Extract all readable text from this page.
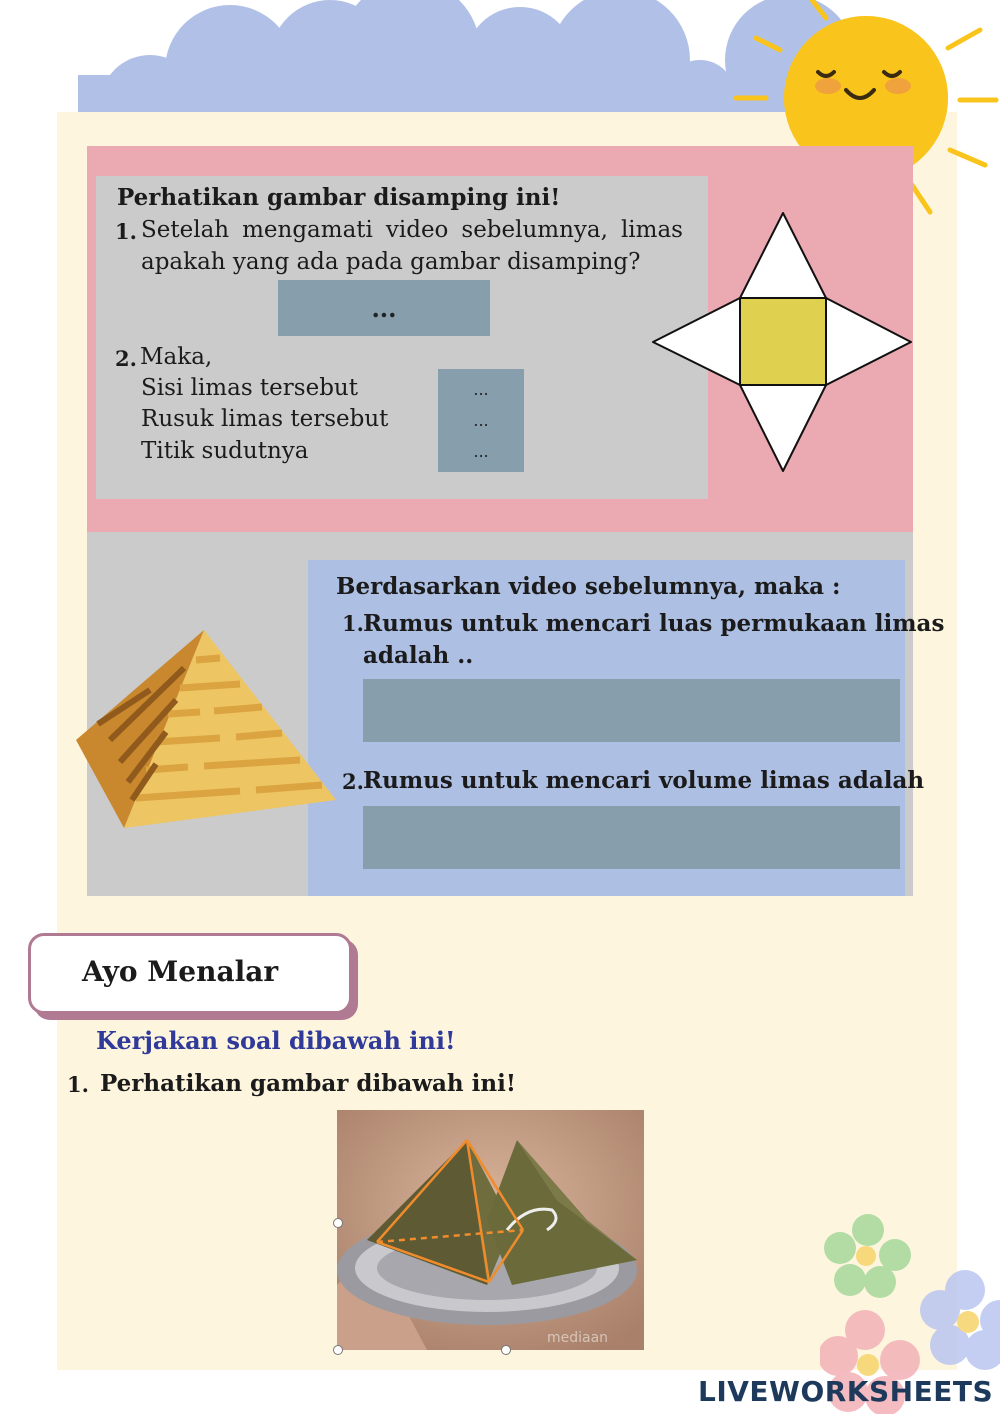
Perhatikan gambar disamping ini!
1. Setelah mengamati video sebelumnya, limas
apakah yang ada pada gambar disamping?
...
2. Maka,
Sisi limas tersebut
Rusuk limas tersebut
Titik sudutnya
...
...
...
Berdasarkan video sebelumnya, maka :
1. Rumus untuk mencari luas permukaan limas
adalah ..
2. Rumus untuk mencari volume limas adalah
Ayo Menalar
Kerjakan soal dibawah ini!
1. Perhatikan gambar dibawah ini!
mediaan
LIVEWORKSHEETS
